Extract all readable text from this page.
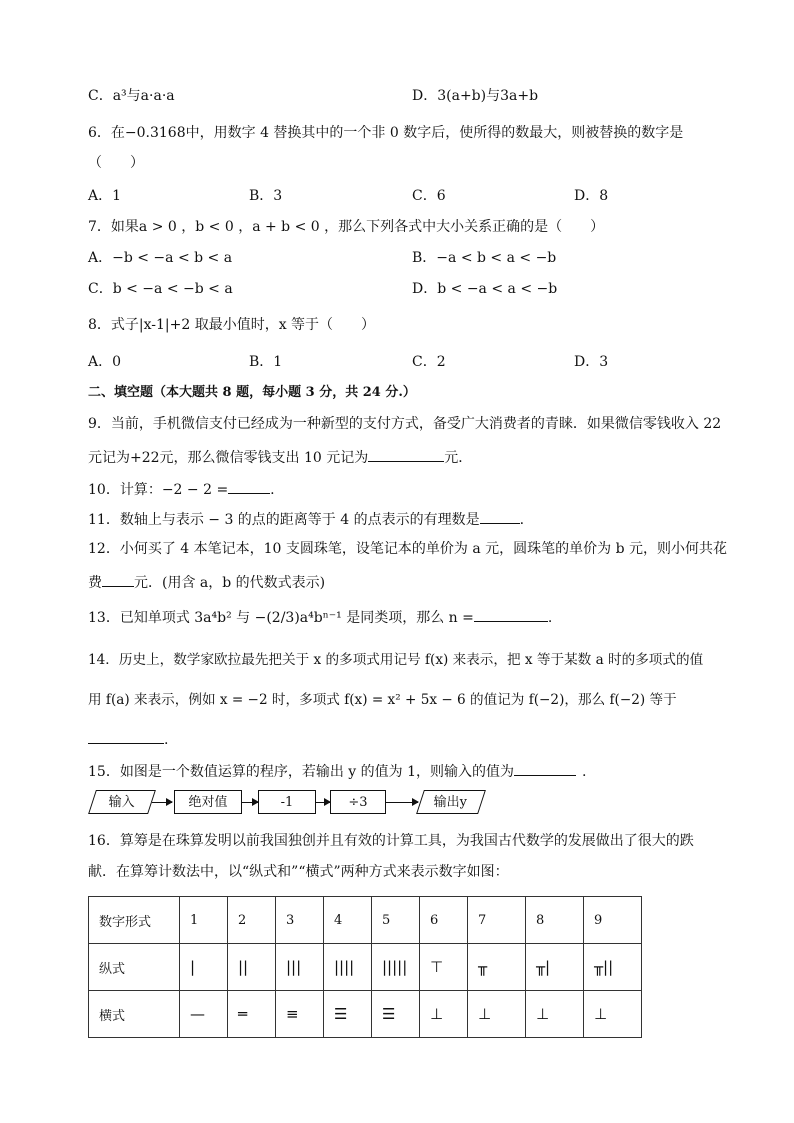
C．a³与a·a·a	D．3(a+b)与3a+b
6．在−0.3168中，用数字 4 替换其中的一个非 0 数字后，使所得的数最大，则被替换的数字是
（　　）
A．1	B．3	C．6	D．8
7．如果a > 0 ，b < 0 ，a + b < 0 ，那么下列各式中大小关系正确的是（　　）
A．−b < −a < b < a	B．−a < b < a < −b
C．b < −a < −b < a	D．b < −a < a < −b
8．式子|x-1|+2 取最小值时，x 等于（　　）
A．0	B．1	C．2	D．3
二、填空题（本大题共 8 题，每小题 3 分，共 24 分.）
9．当前，手机微信支付已经成为一种新型的支付方式，备受广大消费者的青睐．如果微信零钱收入 22
元记为+22元，那么微信零钱支出 10 元记为	元．
10．计算：−2 − 2 =	.
11．数轴上与表示 − 3 的点的距离等于 4 的点表示的有理数是	.
12．小何买了 4 本笔记本，10 支圆珠笔，设笔记本的单价为 a 元，圆珠笔的单价为 b 元，则小何共花
费 元．(用含 a，b 的代数式表示)
13．已知单项式 3a⁴b² 与 −(2/3)a⁴bⁿ⁻¹ 是同类项，那么 n =	.
14．历史上，数学家欧拉最先把关于 x 的多项式用记号 f(x) 来表示，把 x 等于某数 a 时的多项式的值
用 f(a) 来表示，例如 x = −2 时，多项式 f(x) = x² + 5x − 6 的值记为 f(−2)，那么 f(−2) 等于
.
15．如图是一个数值运算的程序，若输出 y 的值为 1，则输入的值为	.
输入	绝对值	-1	÷3	输出y
16．算筹是在珠算发明以前我国独创并且有效的计算工具，为我国古代数学的发展做出了很大的跌
献．在算筹计数法中，以“纵式和”“横式”两种方式来表示数字如图：
数字形式	1	2	3	4	5	6	7	8	9
纵式	|	||	|||	||||	|||||	⊤	╥	╥|	╥||
横式	—	═	≡	☰	☰	⊥	⊥	⊥	⊥
